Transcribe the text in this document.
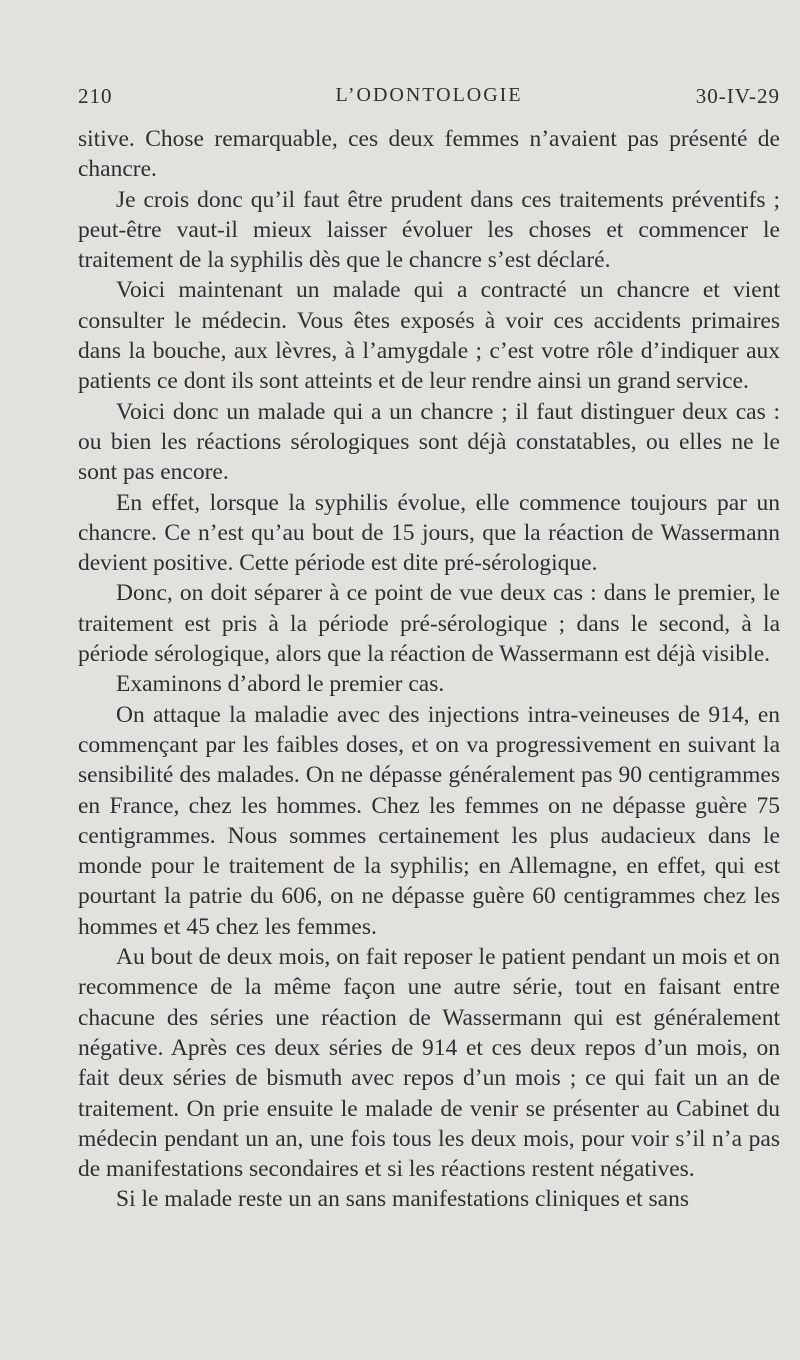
210	L’ODONTOLOGIE	30-IV-29

sitive. Chose remarquable, ces deux femmes n’avaient pas présenté de chancre.

Je crois donc qu’il faut être prudent dans ces traitements préventifs ; peut-être vaut-il mieux laisser évoluer les choses et commencer le traitement de la syphilis dès que le chancre s’est déclaré.

Voici maintenant un malade qui a contracté un chancre et vient consulter le médecin. Vous êtes exposés à voir ces accidents primaires dans la bouche, aux lèvres, à l’amygdale ; c’est votre rôle d’indiquer aux patients ce dont ils sont atteints et de leur rendre ainsi un grand service.

Voici donc un malade qui a un chancre ; il faut distinguer deux cas : ou bien les réactions sérologiques sont déjà constatables, ou elles ne le sont pas encore.

En effet, lorsque la syphilis évolue, elle commence toujours par un chancre. Ce n’est qu’au bout de 15 jours, que la réaction de Wassermann devient positive. Cette période est dite pré-sérologique.

Donc, on doit séparer à ce point de vue deux cas : dans le premier, le traitement est pris à la période pré-sérologique ; dans le second, à la période sérologique, alors que la réaction de Wassermann est déjà visible.

Examinons d’abord le premier cas.

On attaque la maladie avec des injections intra-veineuses de 914, en commençant par les faibles doses, et on va progressivement en suivant la sensibilité des malades. On ne dépasse généralement pas 90 centigrammes en France, chez les hommes. Chez les femmes on ne dépasse guère 75 centigrammes. Nous sommes certainement les plus audacieux dans le monde pour le traitement de la syphilis; en Allemagne, en effet, qui est pourtant la patrie du 606, on ne dépasse guère 60 centigrammes chez les hommes et 45 chez les femmes.

Au bout de deux mois, on fait reposer le patient pendant un mois et on recommence de la même façon une autre série, tout en faisant entre chacune des séries une réaction de Wassermann qui est généralement négative. Après ces deux séries de 914 et ces deux repos d’un mois, on fait deux séries de bismuth avec repos d’un mois ; ce qui fait un an de traitement. On prie ensuite le malade de venir se présenter au Cabinet du médecin pendant un an, une fois tous les deux mois, pour voir s’il n’a pas de manifestations secondaires et si les réactions restent négatives.

Si le malade reste un an sans manifestations cliniques et sans
